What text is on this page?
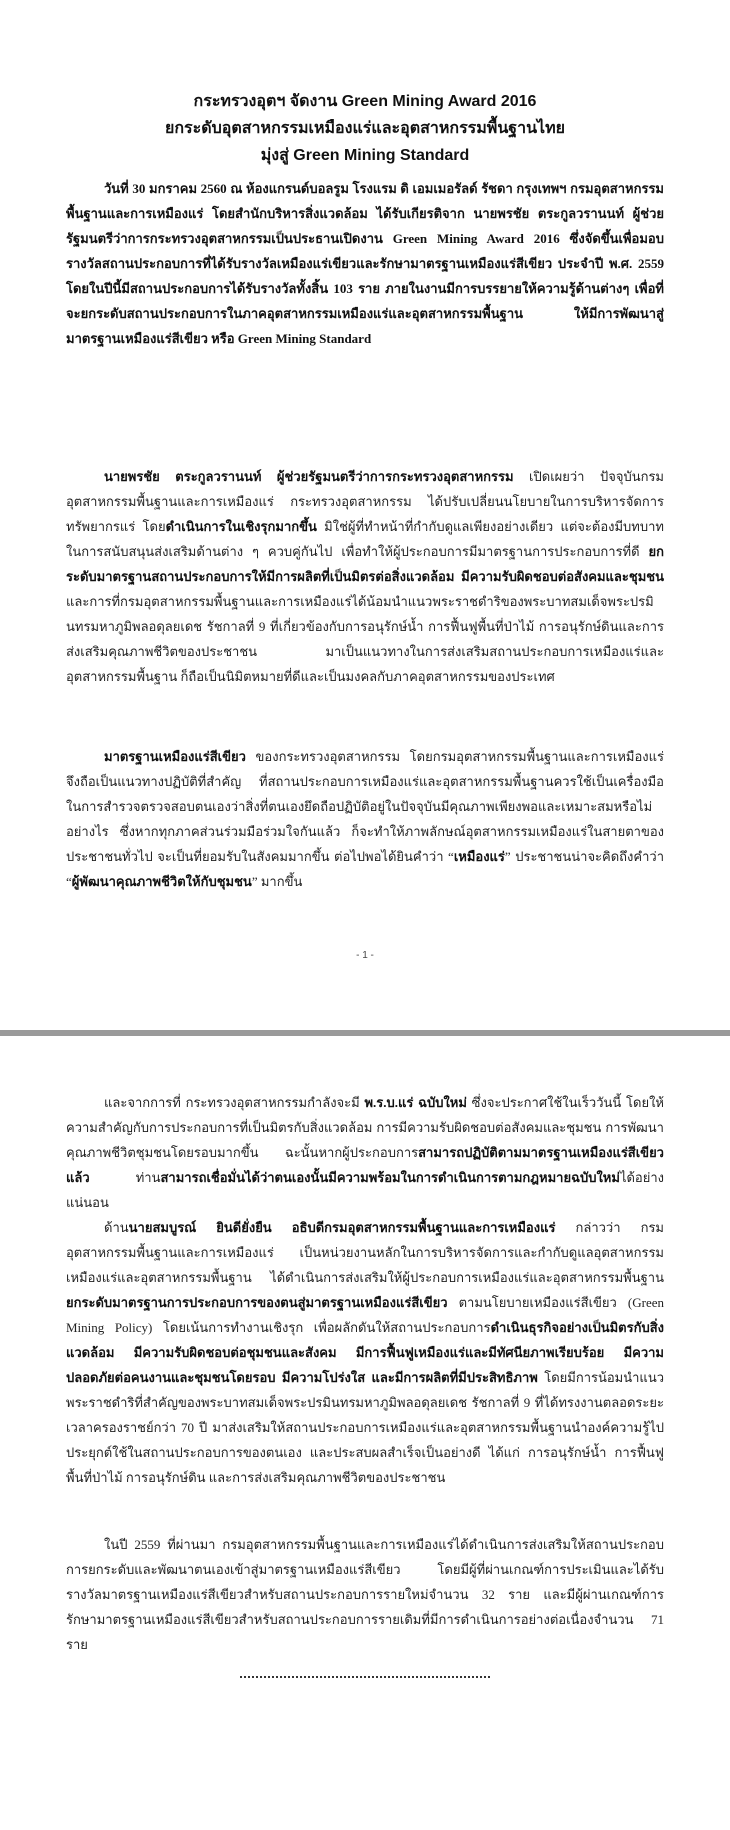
กระทรวงอุตฯ จัดงาน Green Mining Award 2016
ยกระดับอุตสาหกรรมเหมืองแร่และอุตสาหกรรมพื้นฐานไทย
มุ่งสู่ Green Mining Standard
วันที่ 30 มกราคม 2560 ณ ห้องแกรนด์บอลรูม โรงแรม ดิ เอมเมอรัลด์ รัชดา กรุงเทพฯ กรมอุตสาหกรรมพื้นฐานและการเหมืองแร่ โดยสำนักบริหารสิ่งแวดล้อม ได้รับเกียรติจาก นายพรชัย ตระกูลวรานนท์ ผู้ช่วยรัฐมนตรีว่าการกระทรวงอุตสาหกรรมเป็นประธานเปิดงาน Green Mining Award 2016 ซึ่งจัดขึ้นเพื่อมอบรางวัลสถานประกอบการที่ได้รับรางวัลเหมืองแร่เขียวและรักษามาตรฐานเหมืองแร่สีเขียว ประจำปี พ.ศ. 2559 โดยในปีนี้มีสถานประกอบการได้รับรางวัลทั้งสิ้น 103 ราย ภายในงานมีการบรรยายให้ความรู้ด้านต่างๆ เพื่อที่จะยกระดับสถานประกอบการในภาคอุตสาหกรรมเหมืองแร่และอุตสาหกรรมพื้นฐาน ให้มีการพัฒนาสู่มาตรฐานเหมืองแร่สีเขียว หรือ Green Mining Standard
นายพรชัย ตระกูลวรานนท์ ผู้ช่วยรัฐมนตรีว่าการกระทรวงอุตสาหกรรม เปิดเผยว่า ปัจจุบันกรมอุตสาหกรรมพื้นฐานและการเหมืองแร่ กระทรวงอุตสาหกรรม ได้ปรับเปลี่ยนนโยบายในการบริหารจัดการทรัพยากรแร่ โดยดำเนินการในเชิงรุกมากขึ้น มิใช่ผู้ที่ทำหน้าที่กำกับดูแลเพียงอย่างเดียว แต่จะต้องมีบทบาทในการสนับสนุนส่งเสริมด้านต่าง ๆ ควบคู่กันไป เพื่อทำให้ผู้ประกอบการมีมาตรฐานการประกอบการที่ดี ยกระดับมาตรฐานสถานประกอบการให้มีการผลิตที่เป็นมิตรต่อสิ่งแวดล้อม มีความรับผิดชอบต่อสังคมและชุมชน และการที่กรมอุตสาหกรรมพื้นฐานและการเหมืองแร่ได้น้อมนำแนวพระราชดำริของพระบาทสมเด็จพระปรมินทรมหาภูมิพลอดุลยเดช รัชกาลที่ 9 ที่เกี่ยวข้องกับการอนุรักษ์น้ำ การฟื้นฟูพื้นที่ป่าไม้ การอนุรักษ์ดินและการส่งเสริมคุณภาพชีวิตของประชาชน มาเป็นแนวทางในการส่งเสริมสถานประกอบการเหมืองแร่และอุตสาหกรรมพื้นฐาน ก็ถือเป็นนิมิตหมายที่ดีและเป็นมงคลกับภาคอุตสาหกรรมของประเทศ
มาตรฐานเหมืองแร่สีเขียว ของกระทรวงอุตสาหกรรม โดยกรมอุตสาหกรรมพื้นฐานและการเหมืองแร่ จึงถือเป็นแนวทางปฏิบัติที่สำคัญ ที่สถานประกอบการเหมืองแร่และอุตสาหกรรมพื้นฐานควรใช้เป็นเครื่องมือในการสำรวจตรวจสอบตนเองว่าสิ่งที่ตนเองยึดถือปฏิบัติอยู่ในปัจจุบันมีคุณภาพเพียงพอและเหมาะสมหรือไม่ อย่างไร ซึ่งหากทุกภาคส่วนร่วมมือร่วมใจกันแล้ว ก็จะทำให้ภาพลักษณ์อุตสาหกรรมเหมืองแร่ในสายตาของประชาชนทั่วไป จะเป็นที่ยอมรับในสังคมมากขึ้น ต่อไปพอได้ยินคำว่า “เหมืองแร่” ประชาชนน่าจะคิดถึงคำว่า “ผู้พัฒนาคุณภาพชีวิตให้กับชุมชน” มากขึ้น
- 1 -
และจากการที่ กระทรวงอุตสาหกรรมกำลังจะมี พ.ร.บ.แร่ ฉบับใหม่ ซึ่งจะประกาศใช้ในเร็ววันนี้ โดยให้ความสำคัญกับการประกอบการที่เป็นมิตรกับสิ่งแวดล้อม การมีความรับผิดชอบต่อสังคมและชุมชน การพัฒนาคุณภาพชีวิตชุมชนโดยรอบมากขึ้น ฉะนั้นหากผู้ประกอบการสามารถปฏิบัติตามมาตรฐานเหมืองแร่สีเขียวแล้ว ท่านสามารถเชื่อมั่นได้ว่าตนเองนั้นมีความพร้อมในการดำเนินการตามกฎหมายฉบับใหม่ได้อย่างแน่นอน
ด้านนายสมบูรณ์ ยินดียั่งยืน อธิบดีกรมอุตสาหกรรมพื้นฐานและการเหมืองแร่ กล่าวว่า กรมอุตสาหกรรมพื้นฐานและการเหมืองแร่ เป็นหน่วยงานหลักในการบริหารจัดการและกำกับดูแลอุตสาหกรรมเหมืองแร่และอุตสาหกรรมพื้นฐาน ได้ดำเนินการส่งเสริมให้ผู้ประกอบการเหมืองแร่และอุตสาหกรรมพื้นฐานยกระดับมาตรฐานการประกอบการของตนสู่มาตรฐานเหมืองแร่สีเขียว ตามนโยบายเหมืองแร่สีเขียว (Green Mining Policy) โดยเน้นการทำงานเชิงรุก เพื่อผลักดันให้สถานประกอบการดำเนินธุรกิจอย่างเป็นมิตรกับสิ่งแวดล้อม มีความรับผิดชอบต่อชุมชนและสังคม มีการฟื้นฟูเหมืองแร่และมีทัศนียภาพเรียบร้อย มีความปลอดภัยต่อคนงานและชุมชนโดยรอบ มีความโปร่งใส และมีการผลิตที่มีประสิทธิภาพ โดยมีการน้อมนำแนวพระราชดำริที่สำคัญของพระบาทสมเด็จพระปรมินทรมหาภูมิพลอดุลยเดช รัชกาลที่ 9 ที่ได้ทรงงานตลอดระยะเวลาครองราชย์กว่า 70 ปี มาส่งเสริมให้สถานประกอบการเหมืองแร่และอุตสาหกรรมพื้นฐานนำองค์ความรู้ไปประยุกต์ใช้ในสถานประกอบการของตนเอง และประสบผลสำเร็จเป็นอย่างดี ได้แก่ การอนุรักษ์น้ำ การฟื้นฟูพื้นที่ป่าไม้ การอนุรักษ์ดิน และการส่งเสริมคุณภาพชีวิตของประชาชน
ในปี 2559 ที่ผ่านมา กรมอุตสาหกรรมพื้นฐานและการเหมืองแร่ได้ดำเนินการส่งเสริมให้สถานประกอบการยกระดับและพัฒนาตนเองเข้าสู่มาตรฐานเหมืองแร่สีเขียว โดยมีผู้ที่ผ่านเกณฑ์การประเมินและได้รับรางวัลมาตรฐานเหมืองแร่สีเขียวสำหรับสถานประกอบการรายใหม่จำนวน 32 ราย และมีผู้ผ่านเกณฑ์การรักษามาตรฐานเหมืองแร่สีเขียวสำหรับสถานประกอบการรายเดิมที่มีการดำเนินการอย่างต่อเนื่องจำนวน 71 ราย
